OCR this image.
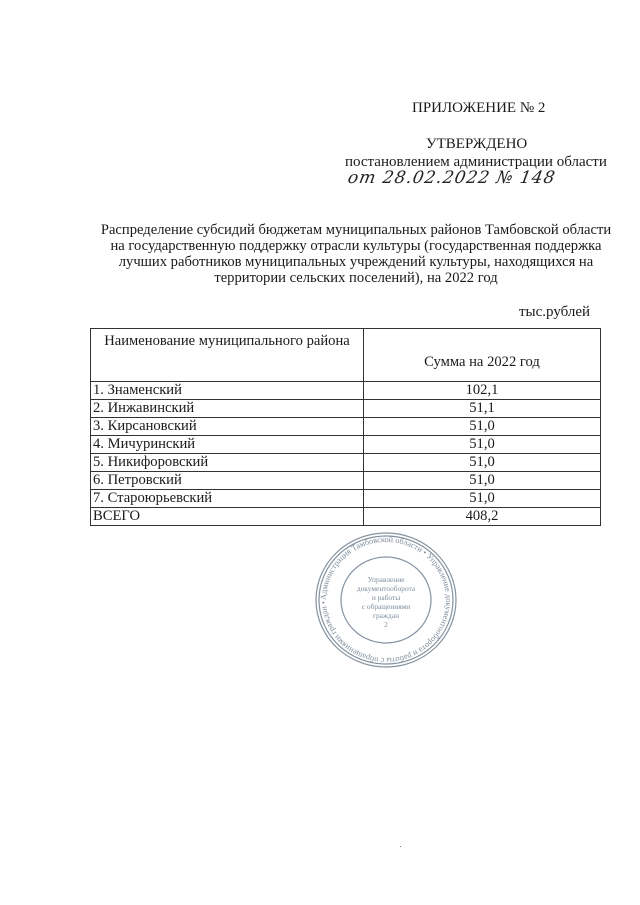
ПРИЛОЖЕНИЕ № 2
УТВЕРЖДЕНО
постановлением администрации области
от 28.02.2022 № 148
Распределение субсидий бюджетам муниципальных районов Тамбовской области на государственную поддержку отрасли культуры (государственная поддержка лучших работников муниципальных учреждений культуры, находящихся на территории сельских поселений), на 2022 год
тыс.рублей
Наименование муниципального района	Сумма на 2022 год
1. Знаменский	102,1
2. Инжавинский	51,1
3. Кирсановский	51,0
4. Мичуринский	51,0
5. Никифоровский	51,0
6. Петровский	51,0
7. Староюрьевский	51,0
ВСЕГО	408,2
Администрация Тамбовской области • Управление документооборота и работы с обращениями граждан •
Управление
документооборота
и работы
с обращениями
граждан
2
